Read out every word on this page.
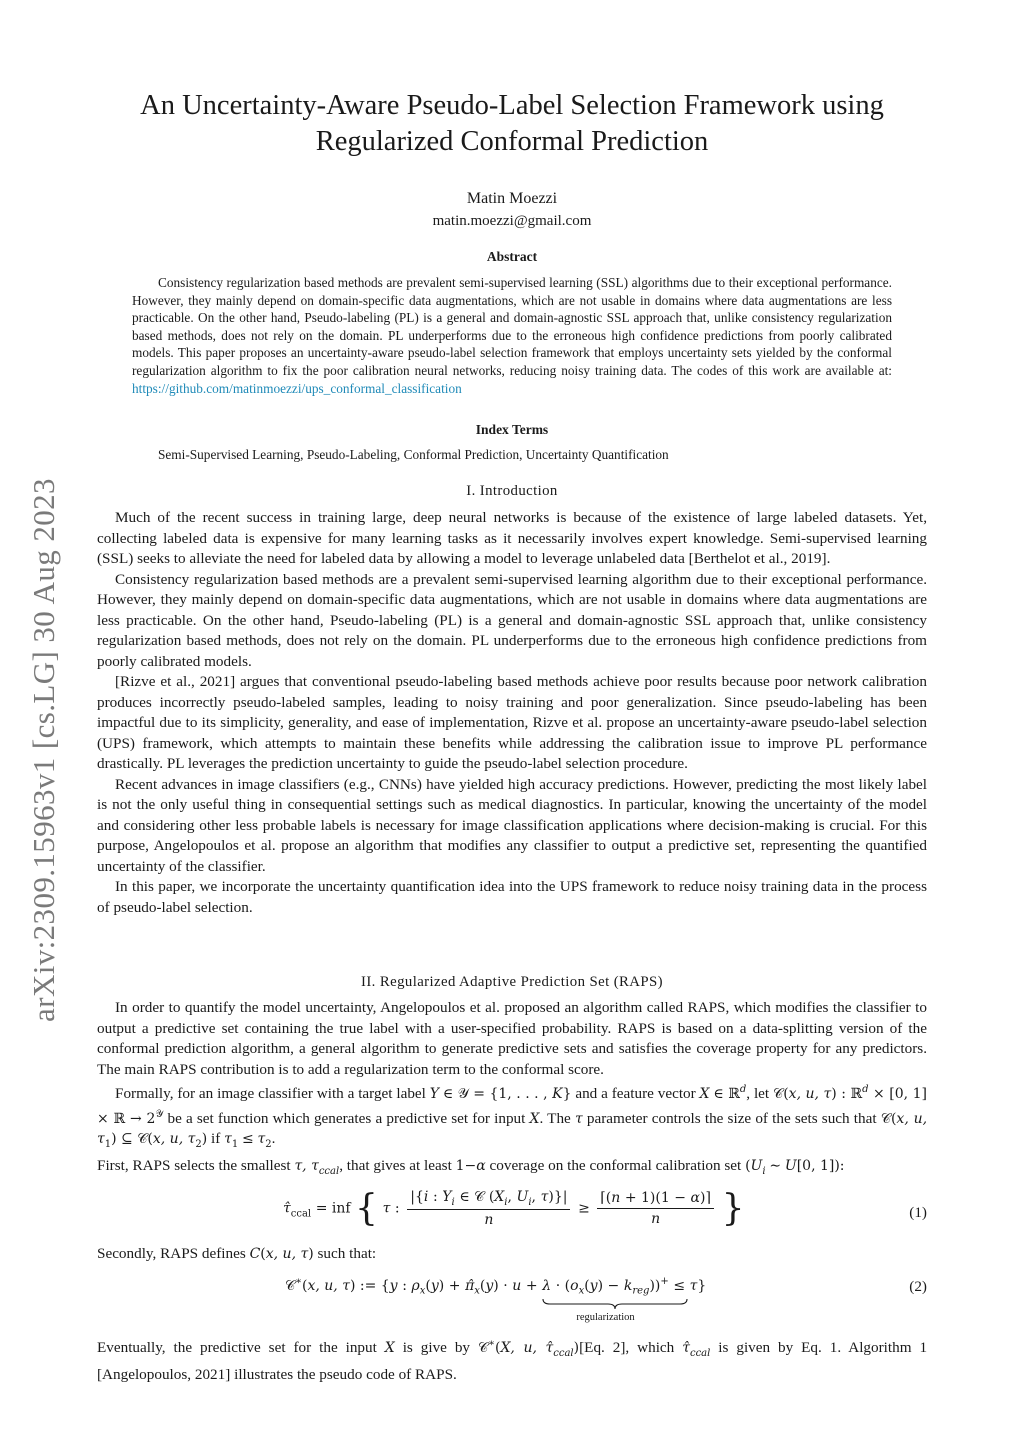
arXiv:2309.15963v1 [cs.LG] 30 Aug 2023
An Uncertainty-Aware Pseudo-Label Selection Framework using
Regularized Conformal Prediction
Matin Moezzi
matin.moezzi@gmail.com
Abstract

Consistency regularization based methods are prevalent semi-supervised learning (SSL) algorithms due to their exceptional performance. However, they mainly depend on domain-specific data augmentations, which are not usable in domains where data augmentations are less practicable. On the other hand, Pseudo-labeling (PL) is a general and domain-agnostic SSL approach that, unlike consistency regularization based methods, does not rely on the domain. PL underperforms due to the erroneous high confidence predictions from poorly calibrated models. This paper proposes an uncertainty-aware pseudo-label selection framework that employs uncertainty sets yielded by the conformal regularization algorithm to fix the poor calibration neural networks, reducing noisy training data. The codes of this work are available at: https://github.com/matinmoezzi/ups_conformal_classification

Index Terms

Semi-Supervised Learning, Pseudo-Labeling, Conformal Prediction, Uncertainty Quantification

I. Introduction

Much of the recent success in training large, deep neural networks is because of the existence of large labeled datasets. Yet, collecting labeled data is expensive for many learning tasks as it necessarily involves expert knowledge. Semi-supervised learning (SSL) seeks to alleviate the need for labeled data by allowing a model to leverage unlabeled data [Berthelot et al., 2019].

Consistency regularization based methods are a prevalent semi-supervised learning algorithm due to their exceptional performance. However, they mainly depend on domain-specific data augmentations, which are not usable in domains where data augmentations are less practicable. On the other hand, Pseudo-labeling (PL) is a general and domain-agnostic SSL approach that, unlike consistency regularization based methods, does not rely on the domain. PL underperforms due to the erroneous high confidence predictions from poorly calibrated models.

[Rizve et al., 2021] argues that conventional pseudo-labeling based methods achieve poor results because poor network calibration produces incorrectly pseudo-labeled samples, leading to noisy training and poor generalization. Since pseudo-labeling has been impactful due to its simplicity, generality, and ease of implementation, Rizve et al. propose an uncertainty-aware pseudo-label selection (UPS) framework, which attempts to maintain these benefits while addressing the calibration issue to improve PL performance drastically. PL leverages the prediction uncertainty to guide the pseudo-label selection procedure.

Recent advances in image classifiers (e.g., CNNs) have yielded high accuracy predictions. However, predicting the most likely label is not the only useful thing in consequential settings such as medical diagnostics. In particular, knowing the uncertainty of the model and considering other less probable labels is necessary for image classification applications where decision-making is crucial. For this purpose, Angelopoulos et al. propose an algorithm that modifies any classifier to output a predictive set, representing the quantified uncertainty of the classifier.

In this paper, we incorporate the uncertainty quantification idea into the UPS framework to reduce noisy training data in the process of pseudo-label selection.

II. Regularized Adaptive Prediction Set (RAPS)

In order to quantify the model uncertainty, Angelopoulos et al. proposed an algorithm called RAPS, which modifies the classifier to output a predictive set containing the true label with a user-specified probability. RAPS is based on a data-splitting version of the conformal prediction algorithm, a general algorithm to generate predictive sets and satisfies the coverage property for any predictors. The main RAPS contribution is to add a regularization term to the conformal score.

Formally, for an image classifier with a target label Y ∈ 𝒴 = {1, . . . , K} and a feature vector X ∈ ℝ$^d$, let 𝒞(x, u, τ) : ℝ$^d$ × [0, 1] × ℝ → $2^𝒴$ be a set function which generates a predictive set for input X. The τ parameter controls the size of the sets such that 𝒞(x, u, $\tau_1$) ⊆ 𝒞(x, u, $\tau_2$) if $\tau_1 \le \tau_2$.

First, RAPS selects the smallest τ, $\tau_{ccal}$, that gives at least 1−α coverage on the conformal calibration set ($U_i$ ∼ U[0, 1]):

$\taû_{ccal}$ = inf { τ : $\frac{|\{i : Y_i \in 𝒞 (X_i, U_i, \tau)\}|}{n} \ge \frac{⌈(n + 1)(1 - \alpha)⌉}{n}$ }	(1)
Secondly, RAPS defines C(x, u, τ) such that:
𝒞∗(x, u, τ) := {y : $\rho_x(y)$ + $\pî_x(y) \cdot u + \lambda \cdot (o_x(y) - k_{reg}))^+$
regularization
≤ τ}	(2)

Eventually, the predictive set for the input X is give by 𝒞∗(X, u, $\taû_{ccal})[Eq$. 2], which $\taû_{ccal}$ is given by Eq. 1. Algorithm 1 [Angelopoulos, 2021] illustrates the pseudo code of RAPS.
